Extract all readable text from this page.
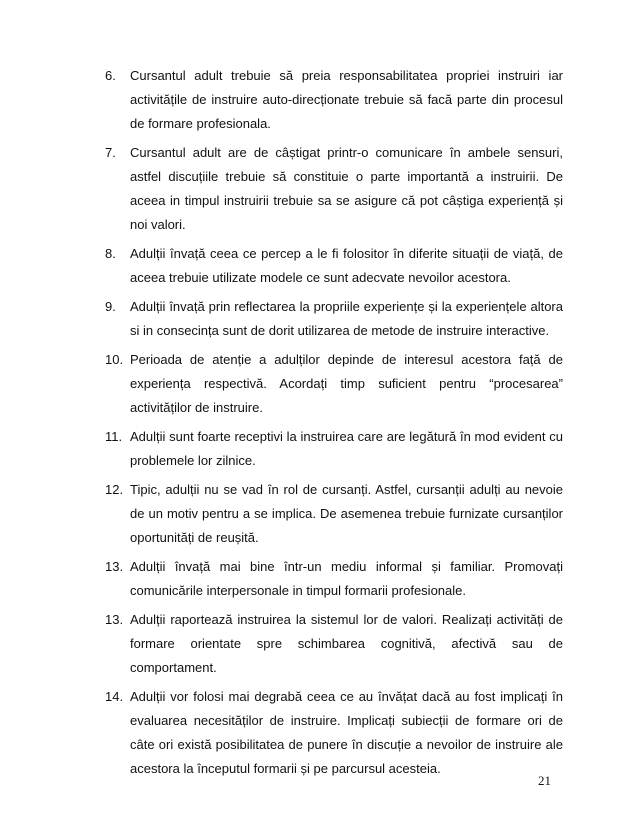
6.	Cursantul adult trebuie să preia responsabilitatea propriei instruiri iar activitățile de instruire auto-direcționate trebuie să facă parte din procesul de formare profesionala.
7.	Cursantul adult are de câștigat printr-o comunicare în ambele sensuri, astfel discuțiile trebuie să constituie o parte importantă a instruirii. De aceea in timpul instruirii trebuie sa se asigure că pot câștiga experiență și noi valori.
8.	Adulții învață ceea ce percep a le fi folositor în diferite situații de viață, de aceea trebuie utilizate modele ce sunt adecvate nevoilor acestora.
9.	Adulții învață prin reflectarea la propriile experiențe și la experiențele altora si in consecința sunt de dorit utilizarea de metode de instruire interactive.
10. Perioada de atenție a adulților depinde de interesul acestora față de experiența respectivă. Acordați timp suficient pentru “procesarea” activităților de instruire.
11. Adulții sunt foarte receptivi la instruirea care are legătură în mod evident cu problemele lor zilnice.
12. Tipic, adulții nu se vad în rol de cursanți. Astfel, cursanții adulți au nevoie de un motiv pentru a se implica. De asemenea trebuie furnizate cursanților oportunități de reușită.
13. Adulții învață mai bine într-un mediu informal și familiar. Promovați comunicările interpersonale in timpul formarii profesionale.
13. Adulții raportează instruirea la sistemul lor de valori. Realizați activități de formare orientate spre schimbarea cognitivă, afectivă sau de comportament.
14. Adulții vor folosi mai degrabă ceea ce au învățat dacă au fost implicați în evaluarea necesităților de instruire. Implicați subiecții de formare ori de câte ori există posibilitatea de punere în discuție a nevoilor de instruire ale acestora la începutul formarii și pe parcursul acesteia.
21
